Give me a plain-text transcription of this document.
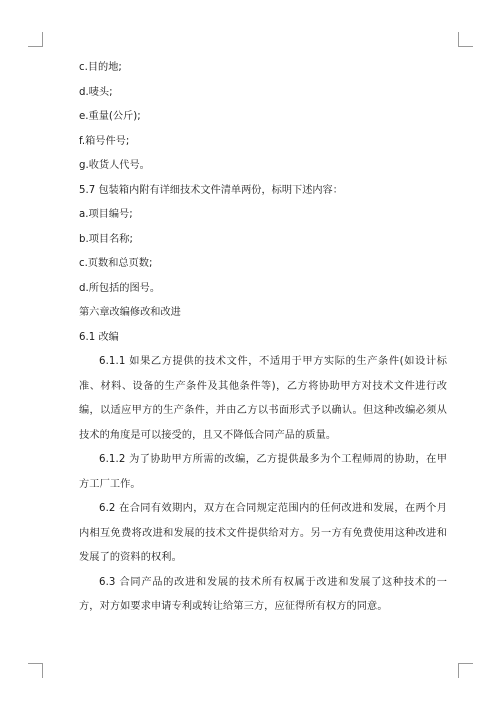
c.目的地;

d.唛头;

e.重量(公斤);

f.箱号件号;

g.收货人代号。

5.7 包装箱内附有详细技术文件清单两份，标明下述内容：

a.项目编号;

b.项目名称;

c.页数和总页数;

d.所包括的图号。

第六章改编修改和改进

6.1 改编

6.1.1 如果乙方提供的技术文件，不适用于甲方实际的生产条件(如设计标准、材料、设备的生产条件及其他条件等)，乙方将协助甲方对技术文件进行改编，以适应甲方的生产条件，并由乙方以书面形式予以确认。但这种改编必须从技术的角度是可以接受的，且又不降低合同产品的质量。

6.1.2 为了协助甲方所需的改编，乙方提供最多为个工程师周的协助，在甲方工厂工作。

6.2 在合同有效期内，双方在合同规定范围内的任何改进和发展，在两个月内相互免费将改进和发展的技术文件提供给对方。另一方有免费使用这种改进和发展了的资料的权利。

6.3 合同产品的改进和发展的技术所有权属于改进和发展了这种技术的一方，对方如要求申请专利或转让给第三方，应征得所有权方的同意。
